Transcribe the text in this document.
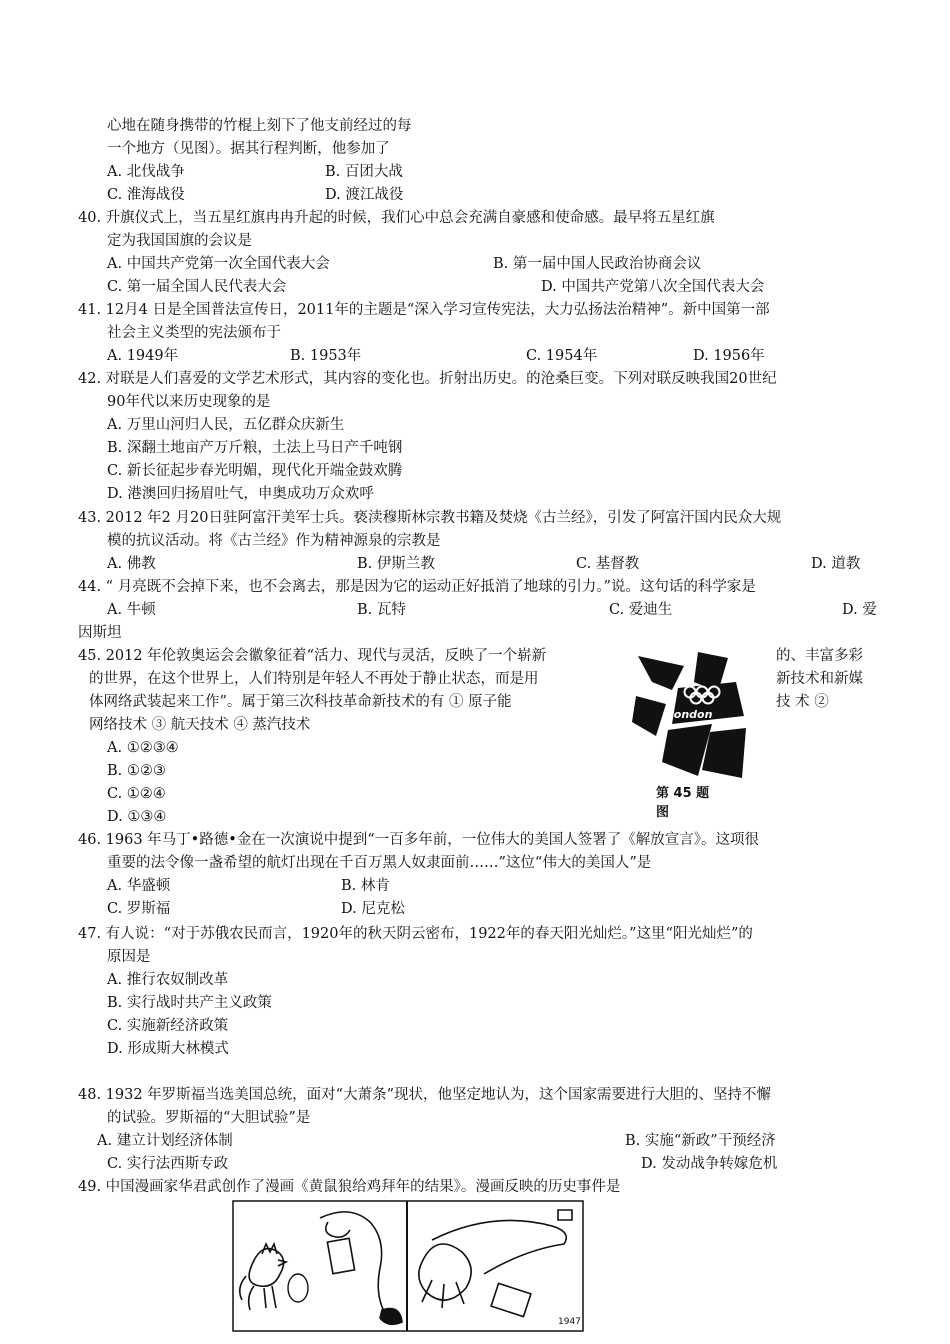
心地在随身携带的竹棍上刻下了他支前经过的每
一个地方（见图）。据其行程判断，他参加了
A. 北伐战争	B. 百团大战
C. 淮海战役	D. 渡江战役
40. 升旗仪式上，当五星红旗冉冉升起的时候，我们心中总会充满自豪感和使命感。最早将五星红旗
定为我国国旗的会议是
A. 中国共产党第一次全国代表大会	B. 第一届中国人民政治协商会议
C. 第一届全国人民代表大会	D. 中国共产党第八次全国代表大会
41. 12月4 日是全国普法宣传日，2011年的主题是“深入学习宣传宪法，大力弘扬法治精神”。新中国第一部
社会主义类型的宪法颁布于
A. 1949年	B. 1953年	C. 1954年	D. 1956年
42. 对联是人们喜爱的文学艺术形式，其内容的变化也。折射出历史。的沧桑巨变。下列对联反映我国20世纪
90年代以来历史现象的是
A. 万里山河归人民，五亿群众庆新生
B. 深翻土地亩产万斤粮，土法上马日产千吨钢
C. 新长征起步春光明媚，现代化开端金鼓欢腾
D. 港澳回归扬眉吐气，申奥成功万众欢呼
43. 2012 年2 月20日驻阿富汗美军士兵。亵渎穆斯林宗教书籍及焚烧《古兰经》，引发了阿富汗国内民众大规
模的抗议活动。将《古兰经》作为精神源泉的宗教是
A. 佛教	B. 伊斯兰教	C. 基督教	D. 道教
44. “ 月亮既不会掉下来，也不会离去，那是因为它的运动正好抵消了地球的引力。”说。这句话的科学家是
A. 牛顿	B. 瓦特	C. 爱迪生	D. 爱
因斯坦
45. 2012 年伦敦奥运会会徽象征着“活力、现代与灵活，反映了一个崭新	的、丰富多彩
的世界，在这个世界上，人们特别是年轻人不再处于静止状态，而是用	新技术和新媒
体网络武装起来工作”。属于第三次科技革命新技术的有 ① 原子能	技 术 ②
网络技术 ③ 航天技术 ④ 蒸汽技术
A. ①②③④
B. ①②③
C. ①②④
D. ①③④
london
第 45 题
图
46. 1963 年马丁•路德•金在一次演说中提到“一百多年前，一位伟大的美国人签署了《解放宣言》。这项很
重要的法令像一盏希望的航灯出现在千百万黑人奴隶面前……”这位“伟大的美国人”是
A. 华盛顿	B. 林肯
C. 罗斯福	D. 尼克松
47. 有人说：“对于苏俄农民而言，1920年的秋天阴云密布，1922年的春天阳光灿烂。”这里“阳光灿烂”的
原因是
A. 推行农奴制改革
B. 实行战时共产主义政策
C. 实施新经济政策
D. 形成斯大林模式
48. 1932 年罗斯福当选美国总统，面对“大萧条”现状，他坚定地认为，这个国家需要进行大胆的、坚持不懈
的试验。罗斯福的“大胆试验”是
A. 建立计划经济体制	B. 实施“新政”干预经济
C. 实行法西斯专政	D. 发动战争转嫁危机
49. 中国漫画家华君武创作了漫画《黄鼠狼给鸡拜年的结果》。漫画反映的历史事件是
1947
